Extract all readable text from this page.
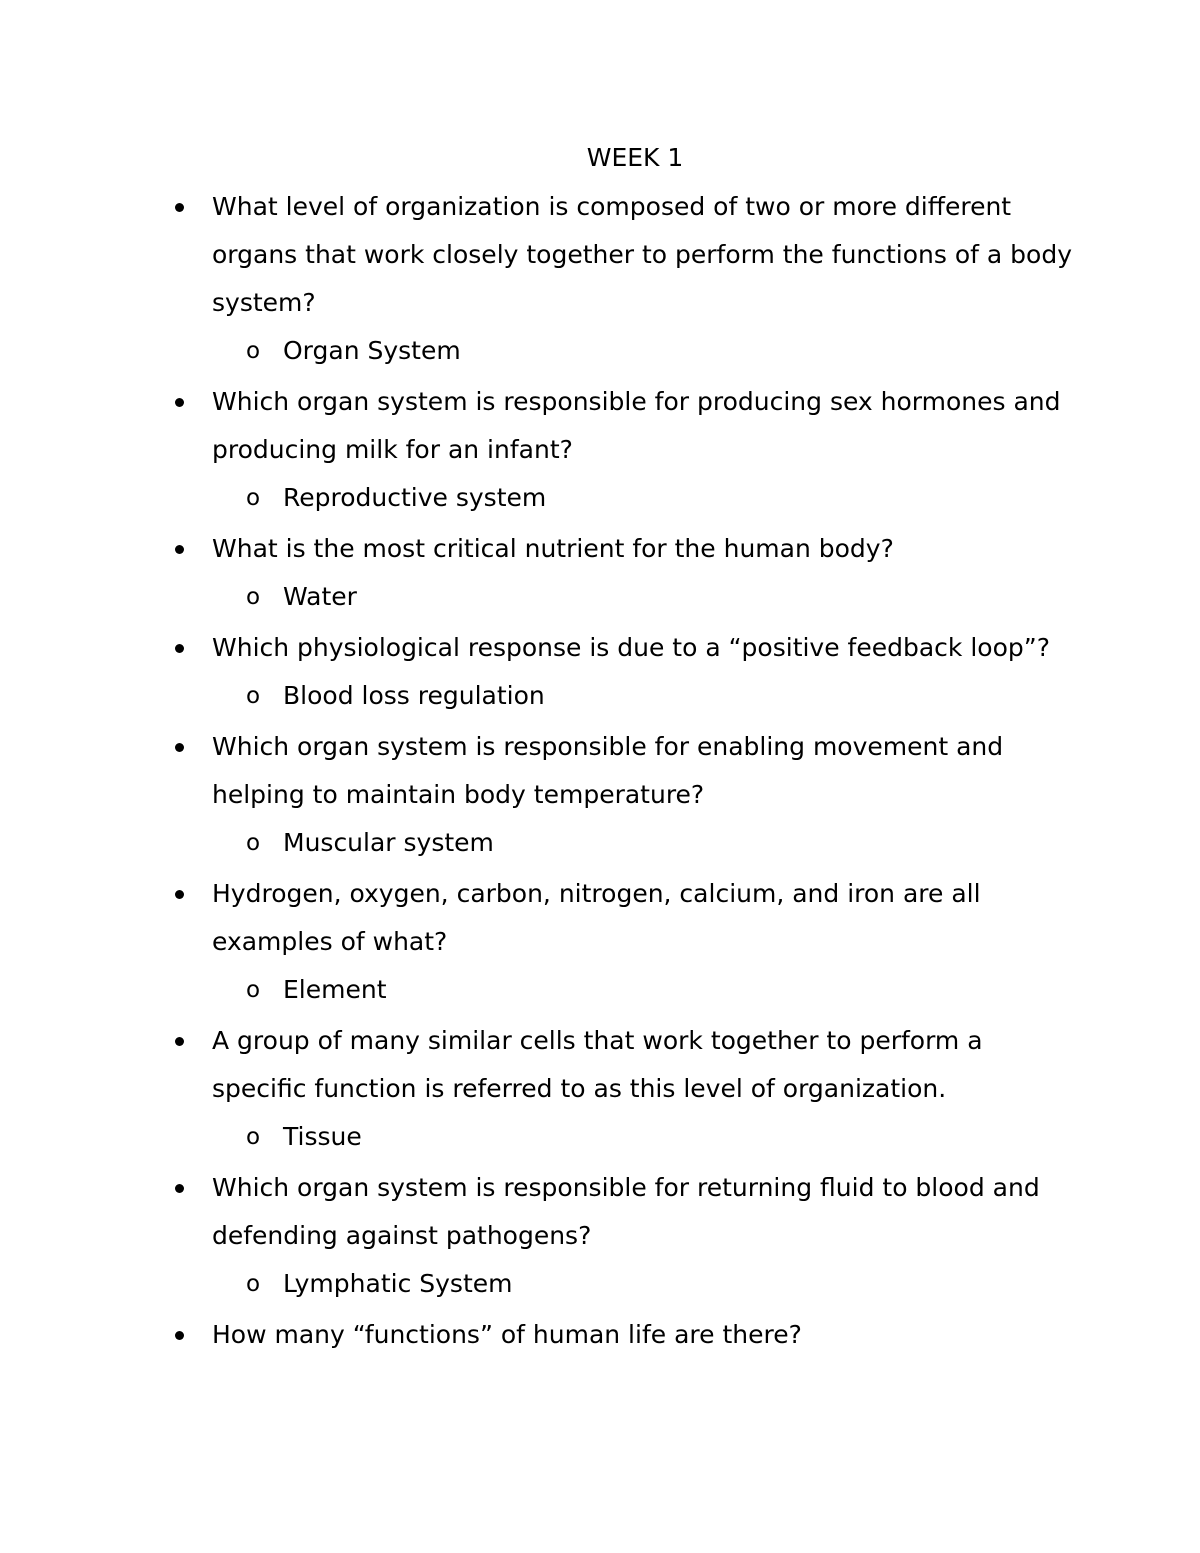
WEEK 1
What level of organization is composed of two or more different organs that work closely together to perform the functions of a body system?
o Organ System
Which organ system is responsible for producing sex hormones and producing milk for an infant?
o Reproductive system
What is the most critical nutrient for the human body?
o Water
Which physiological response is due to a “positive feedback loop”?
o Blood loss regulation
Which organ system is responsible for enabling movement and helping to maintain body temperature?
o Muscular system
Hydrogen, oxygen, carbon, nitrogen, calcium, and iron are all examples of what?
o Element
A group of many similar cells that work together to perform a specific function is referred to as this level of organization.
o Tissue
Which organ system is responsible for returning fluid to blood and defending against pathogens?
o Lymphatic System
How many “functions” of human life are there?
